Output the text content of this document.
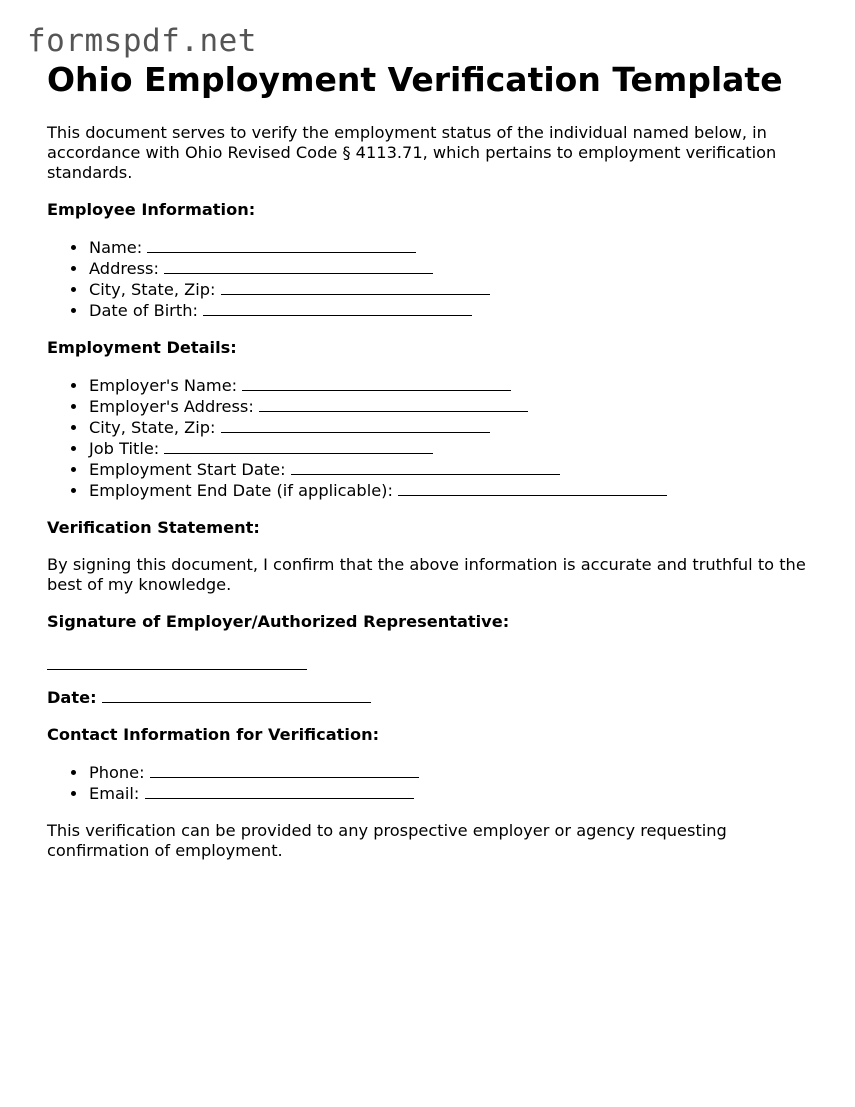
formspdf.net
Ohio Employment Verification Template

This document serves to verify the employment status of the individual named below, in accordance with Ohio Revised Code § 4113.71, which pertains to employment verification standards.

Employee Information:
Name:
Address:
City, State, Zip:
Date of Birth:
Employment Details:
Employer's Name:
Employer's Address:
City, State, Zip:
Job Title:
Employment Start Date:
Employment End Date (if applicable):
Verification Statement:

By signing this document, I confirm that the above information is accurate and truthful to the best of my knowledge.

Signature of Employer/Authorized Representative:
Date:
Contact Information for Verification:
Phone:
Email:

This verification can be provided to any prospective employer or agency requesting confirmation of employment.
